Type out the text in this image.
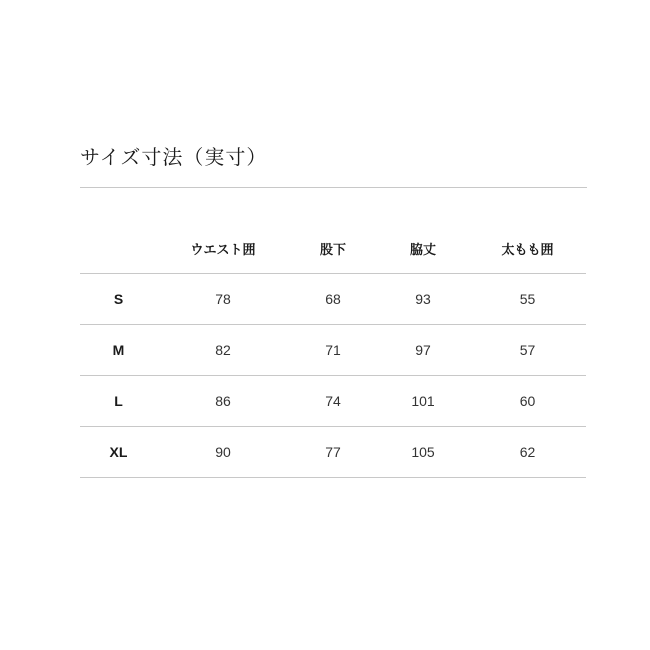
サイズ寸法（実寸）
	ウエスト囲	股下	脇丈	太もも囲
S	78	68	93	55
M	82	71	97	57
L	86	74	101	60
XL	90	77	105	62
